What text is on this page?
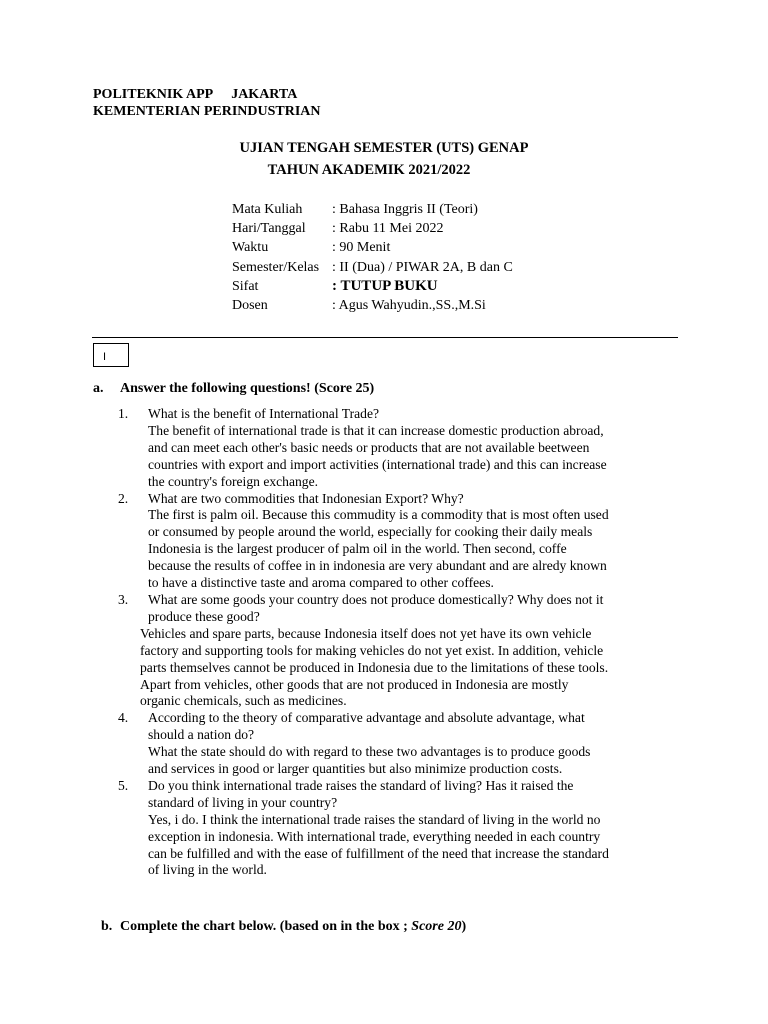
POLITEKNIK APP JAKARTA
KEMENTERIAN PERINDUSTRIAN
UJIAN TENGAH SEMESTER (UTS) GENAP
TAHUN AKADEMIK 2021/2022
Mata Kuliah	: Bahasa Inggris II (Teori)
Hari/Tanggal	: Rabu 11 Mei 2022
Waktu	: 90 Menit
Semester/Kelas : II (Dua) / PIWAR 2A, B dan C
Sifat	: TUTUP BUKU
Dosen	: Agus Wahyudin.,SS.,M.Si
I
a. Answer the following questions! (Score 25)
1.	What is the benefit of International Trade?
The benefit of international trade is that it can increase domestic production abroad,
and can meet each other's basic needs or products that are not available beetween
countries with export and import activities (international trade) and this can increase
the country's foreign exchange.
2.	What are two commodities that Indonesian Export? Why?
The first is palm oil. Because this commudity is a commodity that is most often used
or consumed by people around the world, especially for cooking their daily meals
Indonesia is the largest producer of palm oil in the world. Then second, coffe
because the results of coffee in in indonesia are very abundant and are alredy known
to have a distinctive taste and aroma compared to other coffees.
3.	What are some goods your country does not produce domestically? Why does not it
produce these good?
Vehicles and spare parts, because Indonesia itself does not yet have its own vehicle
factory and supporting tools for making vehicles do not yet exist. In addition, vehicle
parts themselves cannot be produced in Indonesia due to the limitations of these tools.
Apart from vehicles, other goods that are not produced in Indonesia are mostly
organic chemicals, such as medicines.
4.	According to the theory of comparative advantage and absolute advantage, what
should a nation do?
What the state should do with regard to these two advantages is to produce goods
and services in good or larger quantities but also minimize production costs.
5.	Do you think international trade raises the standard of living? Has it raised the
standard of living in your country?
Yes, i do. I think the international trade raises the standard of living in the world no
exception in indonesia. With international trade, everything needed in each country
can be fulfilled and with the ease of fulfillment of the need that increase the standard
of living in the world.
b. Complete the chart below. (based on in the box ; Score 20)
